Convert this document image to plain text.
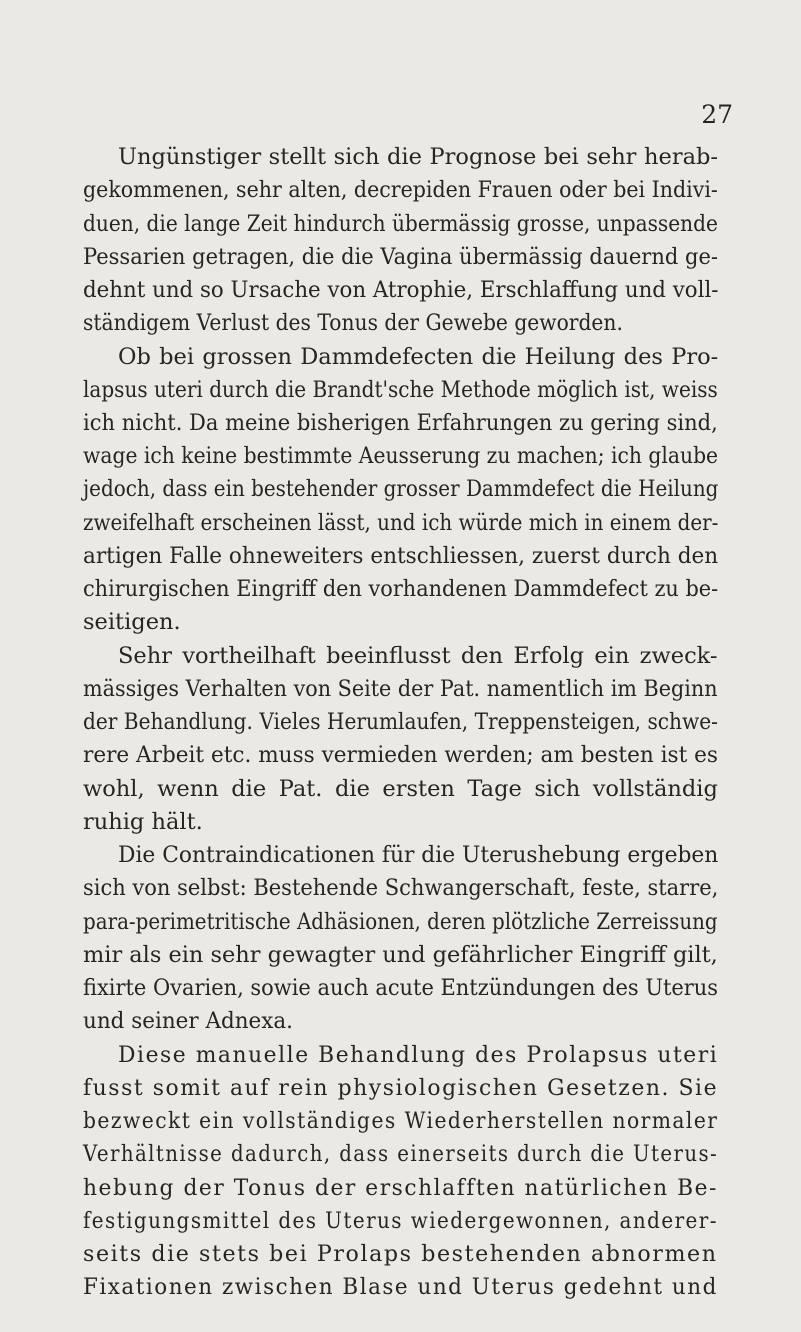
27
Ungünstiger stellt sich die Prognose bei sehr herab-
gekommenen, sehr alten, decrepiden Frauen oder bei Indivi-
duen, die lange Zeit hindurch übermässig grosse, unpassende
Pessarien getragen, die die Vagina übermässig dauernd ge-
dehnt und so Ursache von Atrophie, Erschlaffung und voll-
ständigem Verlust des Tonus der Gewebe geworden.
Ob bei grossen Dammdefecten die Heilung des Pro-
lapsus uteri durch die Brandt'sche Methode möglich ist, weiss
ich nicht. Da meine bisherigen Erfahrungen zu gering sind,
wage ich keine bestimmte Aeusserung zu machen; ich glaube
jedoch, dass ein bestehender grosser Dammdefect die Heilung
zweifelhaft erscheinen lässt, und ich würde mich in einem der-
artigen Falle ohneweiters entschliessen, zuerst durch den
chirurgischen Eingriff den vorhandenen Dammdefect zu be-
seitigen.
Sehr vortheilhaft beeinflusst den Erfolg ein zweck-
mässiges Verhalten von Seite der Pat. namentlich im Beginn
der Behandlung. Vieles Herumlaufen, Treppensteigen, schwe-
rere Arbeit etc. muss vermieden werden; am besten ist es
wohl, wenn die Pat. die ersten Tage sich vollständig
ruhig hält.
Die Contraindicationen für die Uterushebung ergeben
sich von selbst: Bestehende Schwangerschaft, feste, starre,
para-perimetritische Adhäsionen, deren plötzliche Zerreissung
mir als ein sehr gewagter und gefährlicher Eingriff gilt,
fixirte Ovarien, sowie auch acute Entzündungen des Uterus
und seiner Adnexa.
Diese manuelle Behandlung des Prolapsus uteri
fusst somit auf rein physiologischen Gesetzen. Sie
bezweckt ein vollständiges Wiederherstellen normaler
Verhältnisse dadurch, dass einerseits durch die Uterus-
hebung der Tonus der erschlafften natürlichen Be-
festigungsmittel des Uterus wiedergewonnen, anderer-
seits die stets bei Prolaps bestehenden abnormen
Fixationen zwischen Blase und Uterus gedehnt und
